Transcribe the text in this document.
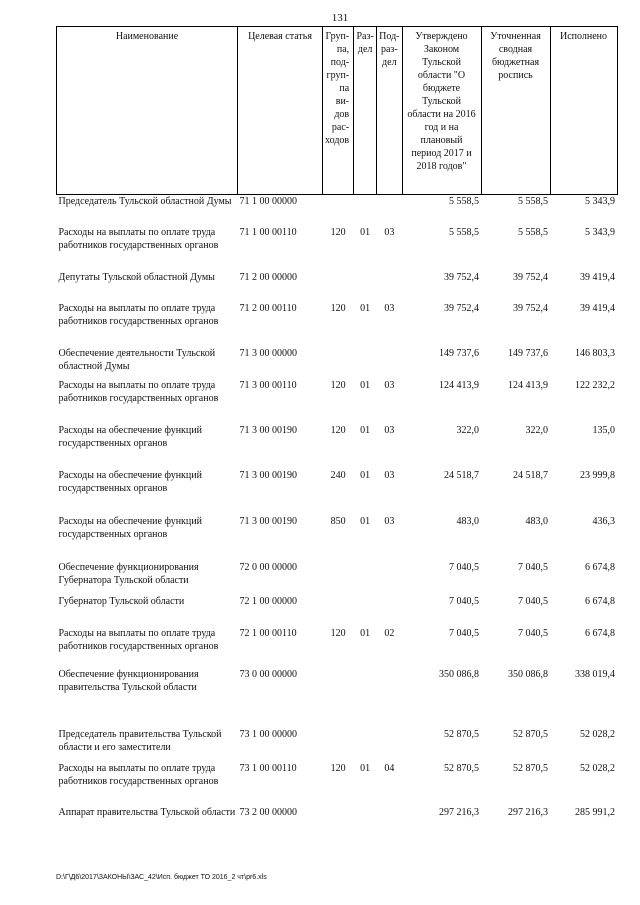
131
Наименование	Целевая статья	Груп-па, под-груп-па ви-дов рас-ходов	Раз-дел	Под-раз-дел	Утверждено Законом Тульской области "О бюджете Тульской области на 2016 год и на плановый период 2017 и 2018 годов"	Уточненная сводная бюджетная роспись	Исполнено
Председатель Тульской областной Думы	71 1 00 00000				5 558,5	5 558,5	5 343,9
Расходы на выплаты по оплате труда работников государственных органов	71 1 00 00110	120	01	03	5 558,5	5 558,5	5 343,9
Депутаты Тульской областной Думы	71 2 00 00000				39 752,4	39 752,4	39 419,4
Расходы на выплаты по оплате труда работников государственных органов	71 2 00 00110	120	01	03	39 752,4	39 752,4	39 419,4
Обеспечение деятельности Тульской областной Думы	71 3 00 00000				149 737,6	149 737,6	146 803,3
Расходы на выплаты по оплате труда работников государственных органов	71 3 00 00110	120	01	03	124 413,9	124 413,9	122 232,2
Расходы на обеспечение функций государственных органов	71 3 00 00190	120	01	03	322,0	322,0	135,0
Расходы на обеспечение функций государственных органов	71 3 00 00190	240	01	03	24 518,7	24 518,7	23 999,8
Расходы на обеспечение функций государственных органов	71 3 00 00190	850	01	03	483,0	483,0	436,3
Обеспечение функционирования Губернатора Тульской области	72 0 00 00000				7 040,5	7 040,5	6 674,8
Губернатор Тульской области	72 1 00 00000				7 040,5	7 040,5	6 674,8
Расходы на выплаты по оплате труда работников государственных органов	72 1 00 00110	120	01	02	7 040,5	7 040,5	6 674,8
Обеспечение функционирования правительства Тульской области	73 0 00 00000				350 086,8	350 086,8	338 019,4
Председатель правительства Тульской области и его заместители	73 1 00 00000				52 870,5	52 870,5	52 028,2
Расходы на выплаты по оплате труда работников государственных органов	73 1 00 00110	120	01	04	52 870,5	52 870,5	52 028,2
Аппарат правительства Тульской области	73 2 00 00000				297 216,3	297 216,3	285 991,2
D:\Г\Д6\2017\ЗАКОНЫ\ЗАС_42\Исп. бюджет ТО 2016_2 чт\pr6.xls
